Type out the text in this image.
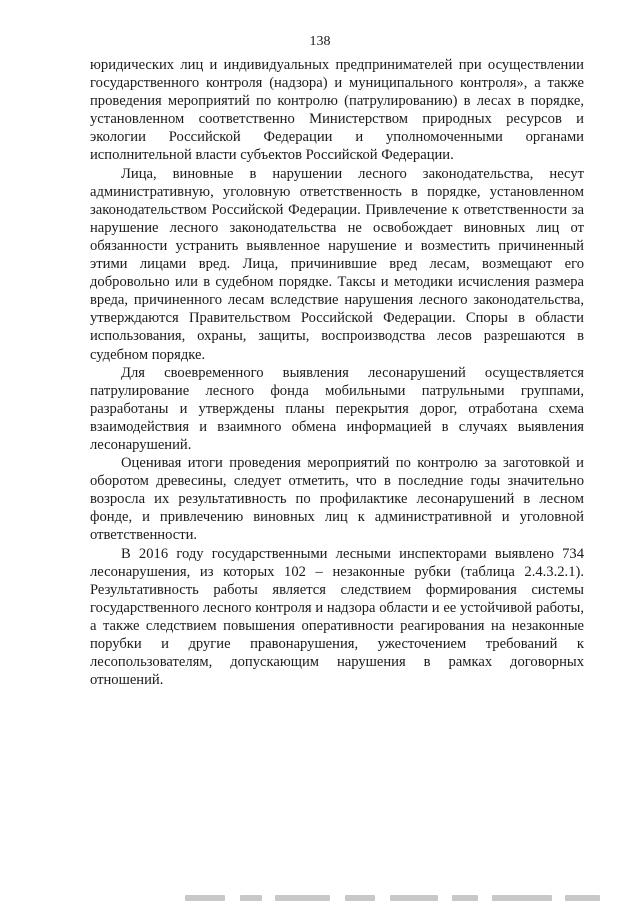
138

юридических лиц и индивидуальных предпринимателей при осуществлении государственного контроля (надзора) и муниципального контроля», а также проведения мероприятий по контролю (патрулированию) в лесах в порядке, установленном соответственно Министерством природных ресурсов и экологии Российской Федерации и уполномоченными органами исполнительной власти субъектов Российской Федерации.

Лица, виновные в нарушении лесного законодательства, несут административную, уголовную ответственность в порядке, установленном законодательством Российской Федерации. Привлечение к ответственности за нарушение лесного законодательства не освобождает виновных лиц от обязанности устранить выявленное нарушение и возместить причиненный этими лицами вред. Лица, причинившие вред лесам, возмещают его добровольно или в судебном порядке. Таксы и методики исчисления размера вреда, причиненного лесам вследствие нарушения лесного законодательства, утверждаются Правительством Российской Федерации. Споры в области использования, охраны, защиты, воспроизводства лесов разрешаются в судебном порядке.

Для своевременного выявления лесонарушений осуществляется патрулирование лесного фонда мобильными патрульными группами, разработаны и утверждены планы перекрытия дорог, отработана схема взаимодействия и взаимного обмена информацией в случаях выявления лесонарушений.

Оценивая итоги проведения мероприятий по контролю за заготовкой и оборотом древесины, следует отметить, что в последние годы значительно возросла их результативность по профилактике лесонарушений в лесном фонде, и привлечению виновных лиц к административной и уголовной ответственности.

В 2016 году государственными лесными инспекторами выявлено 734 лесонарушения, из которых 102 – незаконные рубки (таблица 2.4.3.2.1). Результативность работы является следствием формирования системы государственного лесного контроля и надзора области и ее устойчивой работы, а также следствием повышения оперативности реагирования на незаконные порубки и другие правонарушения, ужесточением требований к лесопользователям, допускающим нарушения в рамках договорных отношений.
